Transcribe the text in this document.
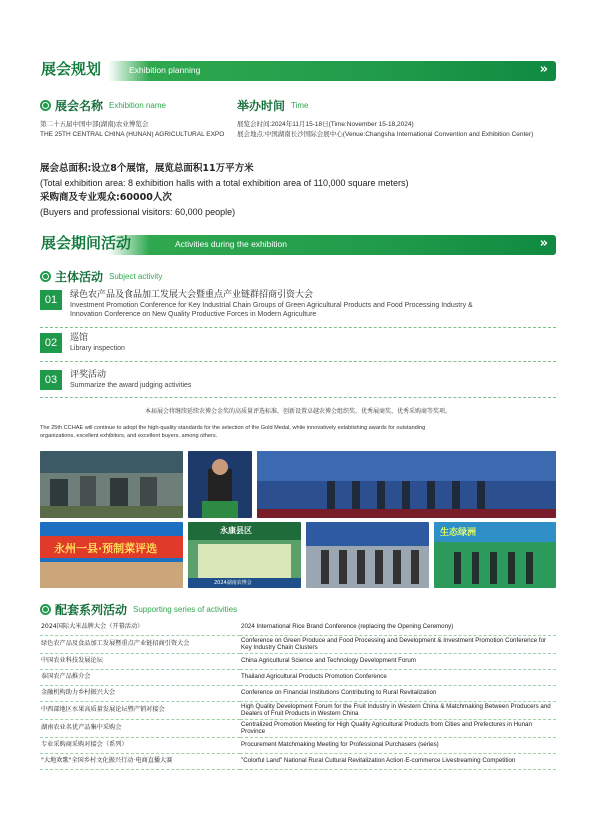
展会规划	Exhibition planning	»
展会名称 Exhibition name
第二十五届中国中部(湖南)农业博览会
THE 25TH CENTRAL CHINA (HUNAN) AGRICULTURAL EXPO
举办时间 Time
展览会时间:2024年11月15-18日(Time:November 15-18,2024)
展会地点:中国湖南长沙国际会展中心(Venue:Changsha International Convention and Exhibition Center)
展会总面积:设立8个展馆，展览总面积11万平方米
(Total exhibition area: 8 exhibition halls with a total exhibition area of 110,000 square meters)
采购商及专业观众:60000人次
(Buyers and professional visitors: 60,000 people)
展会期间活动	Activities during the exhibition	»
主体活动 Subject activity
01	绿色农产品及食品加工发展大会暨重点产业链群招商引资大会
Investment Promotion Conference for Key Industrial Chain Groups of Green Agricultural Products and Food Processing Industry &
Innovation Conference on New Quality Productive Forces in Modern Agriculture
02	巡馆
Library inspection
03	评奖活动
Summarize the award judging activities
本届展会将继续延续农博会金奖的高质量评选标准，创新设置卓越农博会组织奖、优秀展商奖、优秀采购商等奖项。
The 25th CCHAE will continue to adopt the high-quality standards for the selection of the Gold Medal, while innovatively establishing awards for outstanding
organizations, excellent exhibitors, and excellent buyers, among others.
永州一县·预制菜评选
永康县区
2024湖南农博会
生态绿洲
配套系列活动 Supporting series of activities
2024国际大米品牌大会（开幕活动）	2024 International Rice Brand Conference (replacing the Opening Ceremony)
绿色农产品及食品加工发展暨重点产业链招商引资大会	Conference on Green Produce and Food Processing and Development & Investment Promotion Conference for Key Industry Chain Clusters
中国农业科技发展论坛	China Agricultural Science and Technology Development Forum
泰国农产品推介会	Thailand Agricultural Products Promotion Conference
金融机构助力乡村振兴大会	Conference on Financial Institutions Contributing to Rural Revitalization
中西部地区水果高质量发展论坛暨产销对接会	High Quality Development Forum for the Fruit Industry in Western China & Matchmaking Between Producers and Dealers of Fruit Products in Western China
湖南农业名优产品集中采购会	Centralized Promotion Meeting for High Quality Agricultural Products from Cities and Prefectures in Hunan Province
专业采购商采购对接会（系列）	Procurement Matchmaking Meeting for Professional Purchasers (series)
"大地欢歌"全国乡村文化振兴行动·电商直播大赛	"Colorful Land" National Rural Cultural Revitalization Action·E-commerce Livestreaming Competition
